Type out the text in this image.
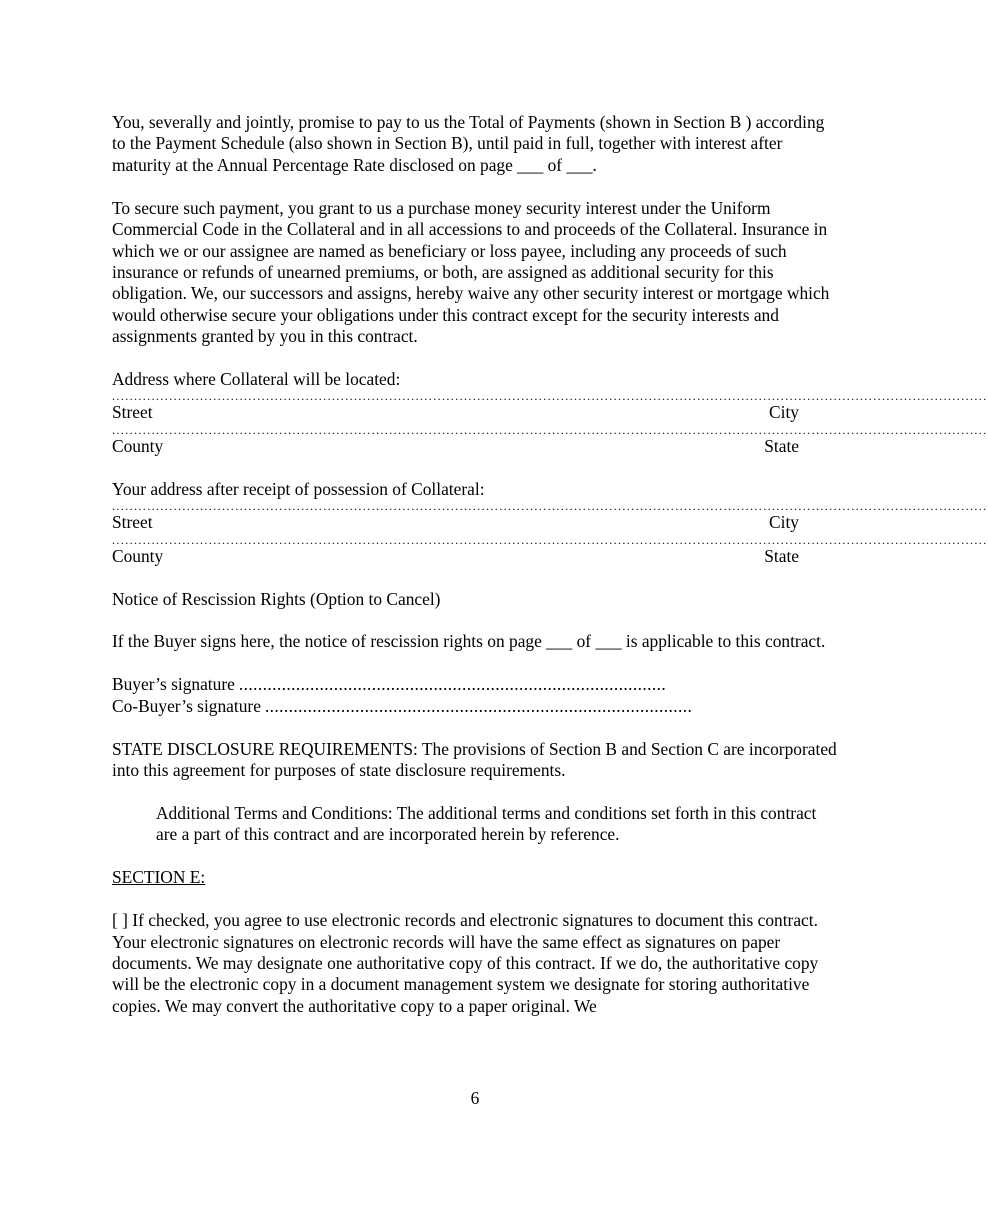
You, severally and jointly, promise to pay to us the Total of Payments (shown in Section B ) according to the Payment Schedule (also shown in Section B), until paid in full, together with interest after maturity at the Annual Percentage Rate disclosed on page ___ of ___.

To secure such payment, you grant to us a purchase money security interest under the Uniform Commercial Code in the Collateral and in all accessions to and proceeds of the Collateral. Insurance in which we or our assignee are named as beneficiary or loss payee, including any proceeds of such insurance or refunds of unearned premiums, or both, are assigned as additional security for this obligation. We, our successors and assigns, hereby waive any other security interest or mortgage which would otherwise secure your obligations under this contract except for the security interests and assignments granted by you in this contract.

Address where Collateral will be located:

.......................................................................................................................................................................................................
Street	City
.......................................................................................................................................................................................................
County	State

Your address after receipt of possession of Collateral:

.......................................................................................................................................................................................................
Street	City
.......................................................................................................................................................................................................
County	State

Notice of Rescission Rights (Option to Cancel)

If the Buyer signs here, the notice of rescission rights on page ___ of ___ is applicable to this contract.

Buyer’s signature ..........................................................................................
Co-Buyer’s signature ..........................................................................................

STATE DISCLOSURE REQUIREMENTS: The provisions of Section B and Section C are incorporated into this agreement for purposes of state disclosure requirements.

Additional Terms and Conditions: The additional terms and conditions set forth in this contract are a part of this contract and are incorporated herein by reference.

SECTION E:

[ ] If checked, you agree to use electronic records and electronic signatures to document this contract. Your electronic signatures on electronic records will have the same effect as signatures on paper documents. We may designate one authoritative copy of this contract. If we do, the authoritative copy will be the electronic copy in a document management system we designate for storing authoritative copies. We may convert the authoritative copy to a paper original. We

6
